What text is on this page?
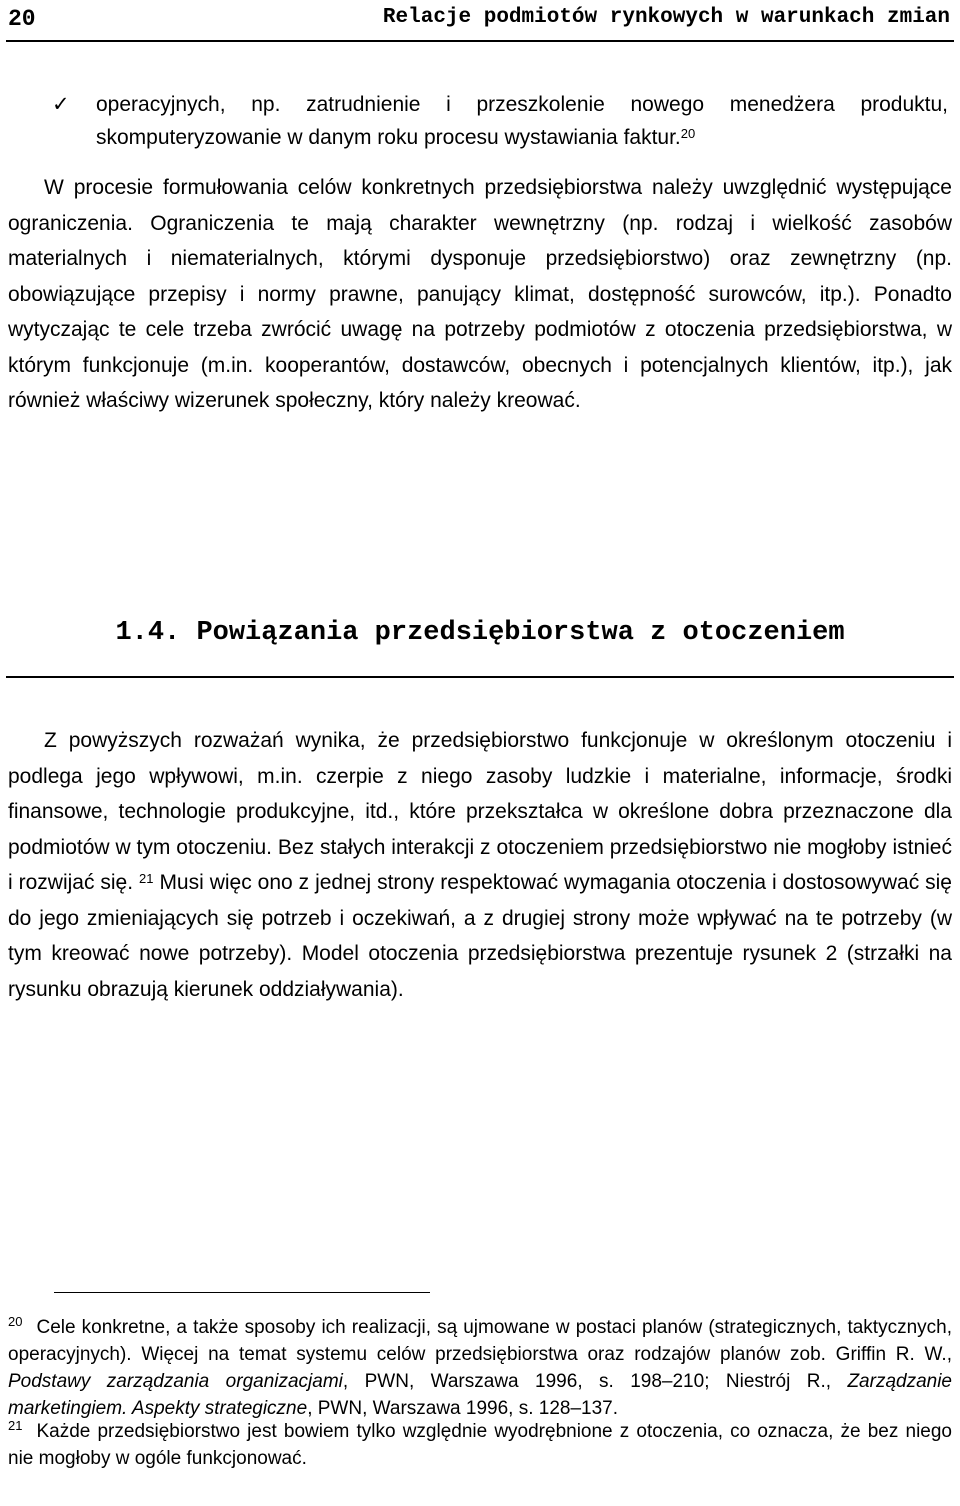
20	Relacje podmiotów rynkowych w warunkach zmian
✓ operacyjnych, np. zatrudnienie i przeszkolenie nowego menedżera produktu, skomputeryzowanie w danym roku procesu wystawiania faktur.$^{20}$
W procesie formułowania celów konkretnych przedsiębiorstwa należy uwzględnić występujące ograniczenia. Ograniczenia te mają charakter wewnętrzny (np. rodzaj i wielkość zasobów materialnych i niematerialnych, którymi dysponuje przedsiębiorstwo) oraz zewnętrzny (np. obowiązujące przepisy i normy prawne, panujący klimat, dostępność surowców, itp.). Ponadto wytyczając te cele trzeba zwrócić uwagę na potrzeby podmiotów z otoczenia przedsiębiorstwa, w którym funkcjonuje (m.in. kooperantów, dostawców, obecnych i potencjalnych klientów, itp.), jak również właściwy wizerunek społeczny, który należy kreować.
1.4. Powiązania przedsiębiorstwa z otoczeniem
Z powyższych rozważań wynika, że przedsiębiorstwo funkcjonuje w określonym otoczeniu i podlega jego wpływowi, m.in. czerpie z niego zasoby ludzkie i materialne, informacje, środki finansowe, technologie produkcyjne, itd., które przekształca w określone dobra przeznaczone dla podmiotów w tym otoczeniu. Bez stałych interakcji z otoczeniem przedsiębiorstwo nie mogłoby istnieć i rozwijać się. $^{21}$ Musi więc ono z jednej strony respektować wymagania otoczenia i dostosowywać się do jego zmieniających się potrzeb i oczekiwań, a z drugiej strony może wpływać na te potrzeby (w tym kreować nowe potrzeby). Model otoczenia przedsiębiorstwa prezentuje rysunek 2 (strzałki na rysunku obrazują kierunek oddziaływania).
$^{20}$ Cele konkretne, a także sposoby ich realizacji, są ujmowane w postaci planów (strategicznych, taktycznych, operacyjnych). Więcej na temat systemu celów przedsiębiorstwa oraz rodzajów planów zob. Griffin R. W., Podstawy zarządzania organizacjami, PWN, Warszawa 1996, s. 198–210; Niestrój R., Zarządzanie marketingiem. Aspekty strategiczne, PWN, Warszawa 1996, s. 128–137.
$^{21}$ Każde przedsiębiorstwo jest bowiem tylko względnie wyodrębnione z otoczenia, co oznacza, że bez niego nie mogłoby w ogóle funkcjonować.
